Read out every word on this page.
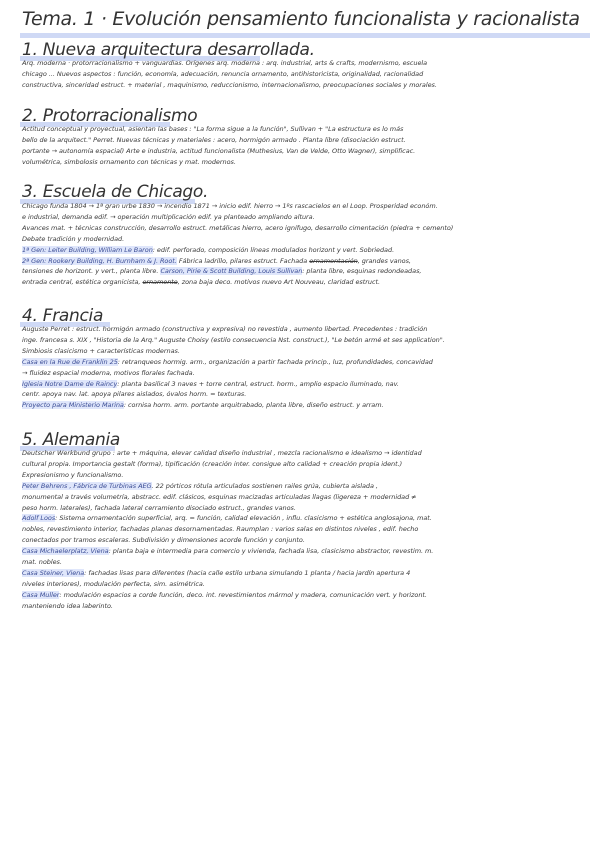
Tema. 1 · Evolución pensamiento funcionalista y racionalista
1. Nueva arquitectura desarrollada.

Arq. moderna · protorracionalismo + vanguardias. Orígenes arq. moderna : arq. industrial, arts & crafts, modernismo, escuela

chicago ... Nuevos aspectos : función, economía, adecuación, renuncia ornamento, antihistoricista, originalidad, racionalidad

constructiva, sinceridad estruct. + material , maquinismo, reduccionismo, internacionalismo, preocupaciones sociales y morales.

2. Protorracionalismo

Actitud conceptual y proyectual, asientan las bases : "La forma sigue a la función", Sullivan + "La estructura es lo más

bello de la arquitect." Perret. Nuevas técnicas y materiales : acero, hormigón armado . Planta libre (disociación estruct.

portante → autonomía espacial) Arte e industria, actitud funcionalista (Muthesius, Van de Velde, Otto Wagner), simplificac.

volumétrica, simbolosis ornamento con técnicas y mat. modernos.

3. Escuela de Chicago.

Chicago funda 1804 → 1ª gran urbe 1830 → incendio 1871 → inicio edif. hierro → 1ºs rascacielos en el Loop. Prosperidad económ.

e industrial, demanda edif. → operación multiplicación edif. ya planteado ampliando altura.

Avances mat. + técnicas construcción, desarrollo estruct. metálicas hierro, acero ignífugo, desarrollo cimentación (piedra + cemento)

Debate tradición y modernidad.

1ª Gen: Leiter Building, William Le Baron: edif. perforado, composición líneas modulados horizont y vert. Sobriedad.

2ª Gen: Rookery Building, H. Burnham & J. Root. Fábrica ladrillo, pilares estruct. Fachada ornamentación, grandes vanos,

tensiones de horizont. y vert., planta libre. Carson, Pirie & Scott Building, Louis Sullivan: planta libre, esquinas redondeadas,

entrada central, estética organicista, ornamento, zona baja deco. motivos nuevo Art Nouveau, claridad estruct.

4. Francia

Auguste Perret : estruct. hormigón armado (constructiva y expresiva) no revestida , aumento libertad. Precedentes : tradición

inge. francesa s. XIX , "Historia de la Arq." Auguste Choisy (estilo consecuencia Nst. construct.), "Le betón armé et ses application".

Simbiosis clasicismo + características modernas.

Casa en la Rue de Franklin 25: retranqueos hormig. arm., organización a partir fachada princip., luz, profundidades, concavidad

→ fluidez espacial moderna, motivos florales fachada.

Iglesia Notre Dame de Raincy: planta basilical 3 naves + torre central, estruct. horm., amplio espacio iluminado, nav.

centr. apoya nav. lat. apoya pilares aislados, óvalos horm. = texturas.

Proyecto para Ministerio Marina: cornisa horm. arm. portante arquitrabado, planta libre, diseño estruct. y arram.

5. Alemania

Deutscher Werkbund grupo : arte + máquina, elevar calidad diseño industrial , mezcla racionalismo e idealismo → identidad

cultural propia. Importancia gestalt (forma), tipificación (creación inter. consigue alto calidad + creación propia ident.)

Expresionismo y funcionalismo.

Peter Behrens , Fábrica de Turbinas AEG. 22 pórticos rótula articulados sostienen railes grúa, cubierta aislada ,

monumental a través volumetría, abstracc. edif. clásicos, esquinas macizadas articuladas llagas (ligereza + modernidad ≠

peso horm. laterales), fachada lateral cerramiento disociado estruct., grandes vanos.

Adolf Loos: Sistema ornamentación superficial, arq. = función, calidad elevación , influ. clasicismo + estética anglosajona, mat.

nobles, revestimiento interior, fachadas planas desornamentadas. Raumplan : varios salas en distintos niveles , edif. hecho

conectados por tramos escaleras. Subdivisión y dimensiones acorde función y conjunto.

Casa Michaelerplatz, Viena: planta baja e intermedia para comercio y vivienda, fachada lisa, clasicismo abstractor, revestim. m.

mat. nobles.

Casa Steiner, Viena: fachadas lisas para diferentes (hacia calle estilo urbana simulando 1 planta / hacia jardín apertura 4

niveles interiores), modulación perfecta, sim. asimétrica.

Casa Muller: modulación espacios a corde función, deco. int. revestimientos mármol y madera, comunicación vert. y horizont.

manteniendo idea laberinto.
